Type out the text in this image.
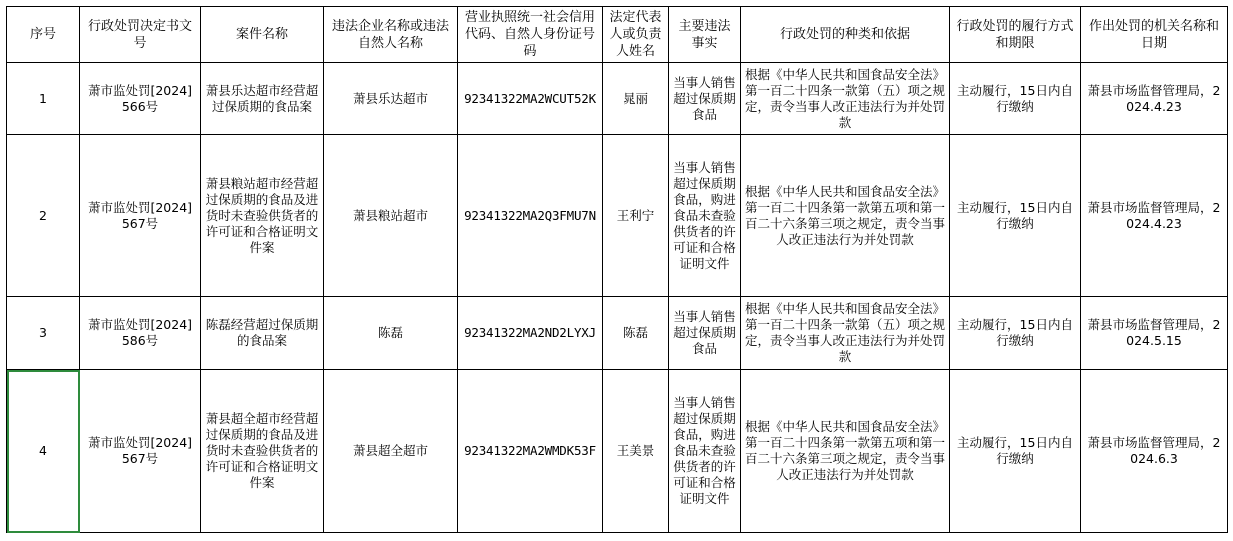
序号	行政处罚决定书文号	案件名称	违法企业名称或违法自然人名称	营业执照统一社会信用代码、自然人身份证号码	法定代表人或负责人姓名	主要违法事实	行政处罚的种类和依据	行政处罚的履行方式和期限	作出处罚的机关名称和日期
1	萧市监处罚[2024]566号	萧县乐达超市经营超过保质期的食品案	萧县乐达超市	92341322MA2WCUT52K	晁丽	当事人销售超过保质期食品	根据《中华人民共和国食品安全法》第一百二十四条一款第（五）项之规定，责令当事人改正违法行为并处罚款	主动履行，15日内自行缴纳	萧县市场监督管理局，2024.4.23
2	萧市监处罚[2024]567号	萧县粮站超市经营超过保质期的食品及进货时未查验供货者的许可证和合格证明文件案	萧县粮站超市	92341322MA2Q3FMU7N	王利宁	当事人销售超过保质期食品，购进食品未查验供货者的许可证和合格证明文件	根据《中华人民共和国食品安全法》第一百二十四条第一款第五项和第一百二十六条第三项之规定，责令当事人改正违法行为并处罚款	主动履行，15日内自行缴纳	萧县市场监督管理局，2024.4.23
3	萧市监处罚[2024]586号	陈磊经营超过保质期的食品案	陈磊	92341322MA2ND2LYXJ	陈磊	当事人销售超过保质期食品	根据《中华人民共和国食品安全法》第一百二十四条一款第（五）项之规定，责令当事人改正违法行为并处罚款	主动履行，15日内自行缴纳	萧县市场监督管理局，2024.5.15
4	萧市监处罚[2024]567号	萧县超全超市经营超过保质期的食品及进货时未查验供货者的许可证和合格证明文件案	萧县超全超市	92341322MA2WMDK53F	王美景	当事人销售超过保质期食品，购进食品未查验供货者的许可证和合格证明文件	根据《中华人民共和国食品安全法》第一百二十四条第一款第五项和第一百二十六条第三项之规定，责令当事人改正违法行为并处罚款	主动履行，15日内自行缴纳	萧县市场监督管理局，2024.6.3
